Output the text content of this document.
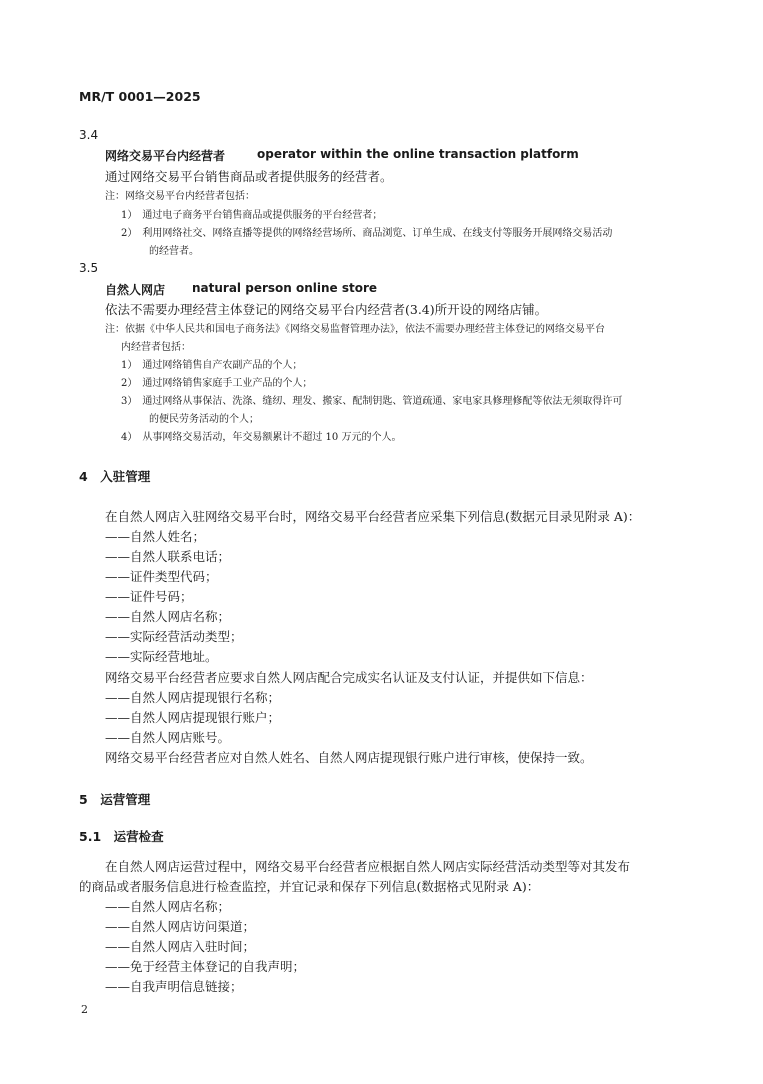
MR/T 0001—2025
3.4
网络交易平台内经营者	operator within the online transaction platform
通过网络交易平台销售商品或者提供服务的经营者。
注：网络交易平台内经营者包括：
1）　通过电子商务平台销售商品或提供服务的平台经营者；
2）　利用网络社交、网络直播等提供的网络经营场所、商品浏览、订单生成、在线支付等服务开展网络交易活动
的经营者。
3.5
自然人网店 natural person online store
依法不需要办理经营主体登记的网络交易平台内经营者(3.4)所开设的网络店铺。
注：依据《中华人民共和国电子商务法》《网络交易监督管理办法》，依法不需要办理经营主体登记的网络交易平台
内经营者包括：
1）　通过网络销售自产农副产品的个人；
2）　通过网络销售家庭手工业产品的个人；
3）　通过网络从事保洁、洗涤、缝纫、理发、搬家、配制钥匙、管道疏通、家电家具修理修配等依法无须取得许可
的便民劳务活动的个人；
4）　从事网络交易活动，年交易额累计不超过 10 万元的个人。
4　入驻管理
在自然人网店入驻网络交易平台时，网络交易平台经营者应采集下列信息(数据元目录见附录 A)：
——自然人姓名；
——自然人联系电话；
——证件类型代码；
——证件号码；
——自然人网店名称；
——实际经营活动类型；
——实际经营地址。
网络交易平台经营者应要求自然人网店配合完成实名认证及支付认证，并提供如下信息：
——自然人网店提现银行名称；
——自然人网店提现银行账户；
——自然人网店账号。
网络交易平台经营者应对自然人姓名、自然人网店提现银行账户进行审核，使保持一致。
5　运营管理
5.1　运营检查
在自然人网店运营过程中，网络交易平台经营者应根据自然人网店实际经营活动类型等对其发布
的商品或者服务信息进行检查监控，并宜记录和保存下列信息(数据格式见附录 A)：
——自然人网店名称；
——自然人网店访问渠道；
——自然人网店入驻时间；
——免于经营主体登记的自我声明；
——自我声明信息链接；
2
